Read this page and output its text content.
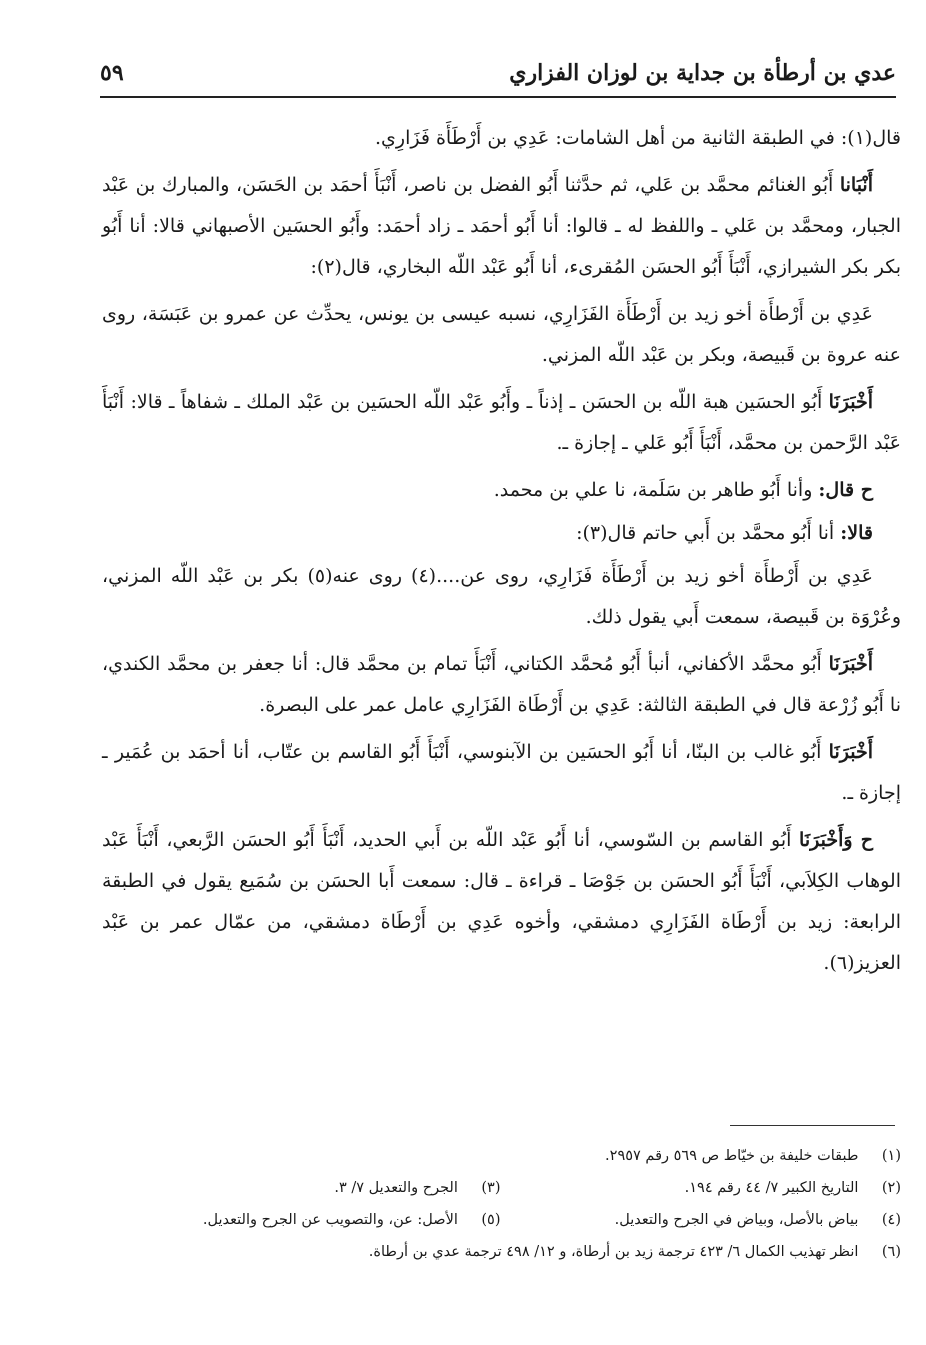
عدي بن أرطأة بن جداية بن لوزان الفزاري
٥٩

قال(١): في الطبقة الثانية من أهل الشامات: عَدِي بن أَرْطَأَة فَزَارِي.

أَنْبَانا أَبُو الغنائم محمَّد بن عَلي، ثم حدَّثنا أَبُو الفضل بن ناصر، أَنْبَأَ أحمَد بن الحَسَن، والمبارك بن عَبْد الجبار، ومحمَّد بن عَلي ـ واللفظ له ـ قالوا: أنا أَبُو أحمَد ـ زاد أحمَد: وأَبُو الحسَين الأصبهاني قالا: أنا أَبُو بكر بكر الشيرازي، أَنْبَأَ أَبُو الحسَن المُقرىء، أنا أَبُو عَبْد اللّه البخاري، قال(٢):

عَدِي بن أَرْطأَة أخو زيد بن أَرْطَأَة الفَزَارِي، نسبه عيسى بن يونس، يحدِّث عن عمرو بن عَبَسَة، روى عنه عروة بن قَبيصة، وبكر بن عَبْد اللّه المزني.

أَخْبَرَنَا أَبُو الحسَين هبة اللّه بن الحسَن ـ إذناً ـ وأَبُو عَبْد اللّه الحسَين بن عَبْد الملك ـ شفاهاً ـ قالا: أَنْبَأَ عَبْد الرَّحمن بن محمَّد، أَنْبَأَ أَبُو عَلي ـ إجازة ـ.

ح قال: وأنا أَبُو طاهر بن سَلَمة، نا علي بن محمد.

قالا: أنا أَبُو محمَّد بن أَبي حاتم قال(٣):

عَدِي بن أَرْطأَة أخو زيد بن أَرْطَأَة فَزَارِي، روى عن....(٤) روى عنه(٥) بكر بن عَبْد اللّه المزني، وعُرْوَة بن قَبيصة، سمعت أَبي يقول ذلك.

أَخْبَرَنَا أَبُو محمَّد الأكفاني، أنبأ أَبُو مُحمَّد الكتاني، أَنْبَأَ تمام بن محمَّد قال: أنا جعفر بن محمَّد الكندي، نا أَبُو زُرْعة قال في الطبقة الثالثة: عَدِي بن أَرْطَاة الفَزَارِي عامل عمر على البصرة.

أَخْبَرَنَا أَبُو غالب بن البنّا، أنا أَبُو الحسَين بن الآبنوسي، أَنْبَأَ أَبُو القاسم بن عتّاب، أنا أحمَد بن عُمَير ـ إجازة ـ.

ح وَأَخْبَرَنَا أَبُو القاسم بن السّوسي، أنا أَبُو عَبْد اللّه بن أَبي الحديد، أَنْبَأَ أَبُو الحسَن الرَّبعي، أَنْبَأَ عَبْد الوهاب الكِلاَبي، أَنْبَأَ أَبُو الحسَن بن جَوْصَا ـ قراءة ـ قال: سمعت أَبا الحسَن بن سُمَيع يقول في الطبقة الرابعة: زيد بن أَرْطَاة الفَزَارِي دمشقي، وأخوه عَدِي بن أَرْطَاة دمشقي، من عمّال عمر بن عَبْد العزيز(٦).

(١) طبقات خليفة بن خيّاط ص ٥٦٩ رقم ٢٩٥٧.
(٢) التاريخ الكبير ٧/ ٤٤ رقم ١٩٤.
(٣) الجرح والتعديل ٧/ ٣.
(٤) بياض بالأصل، وبياض في الجرح والتعديل.
(٥) الأصل: عن، والتصويب عن الجرح والتعديل.
(٦) انظر تهذيب الكمال ٦/ ٤٢٣ ترجمة زيد بن أرطاة، و ١٢/ ٤٩٨ ترجمة عدي بن أرطاة.
